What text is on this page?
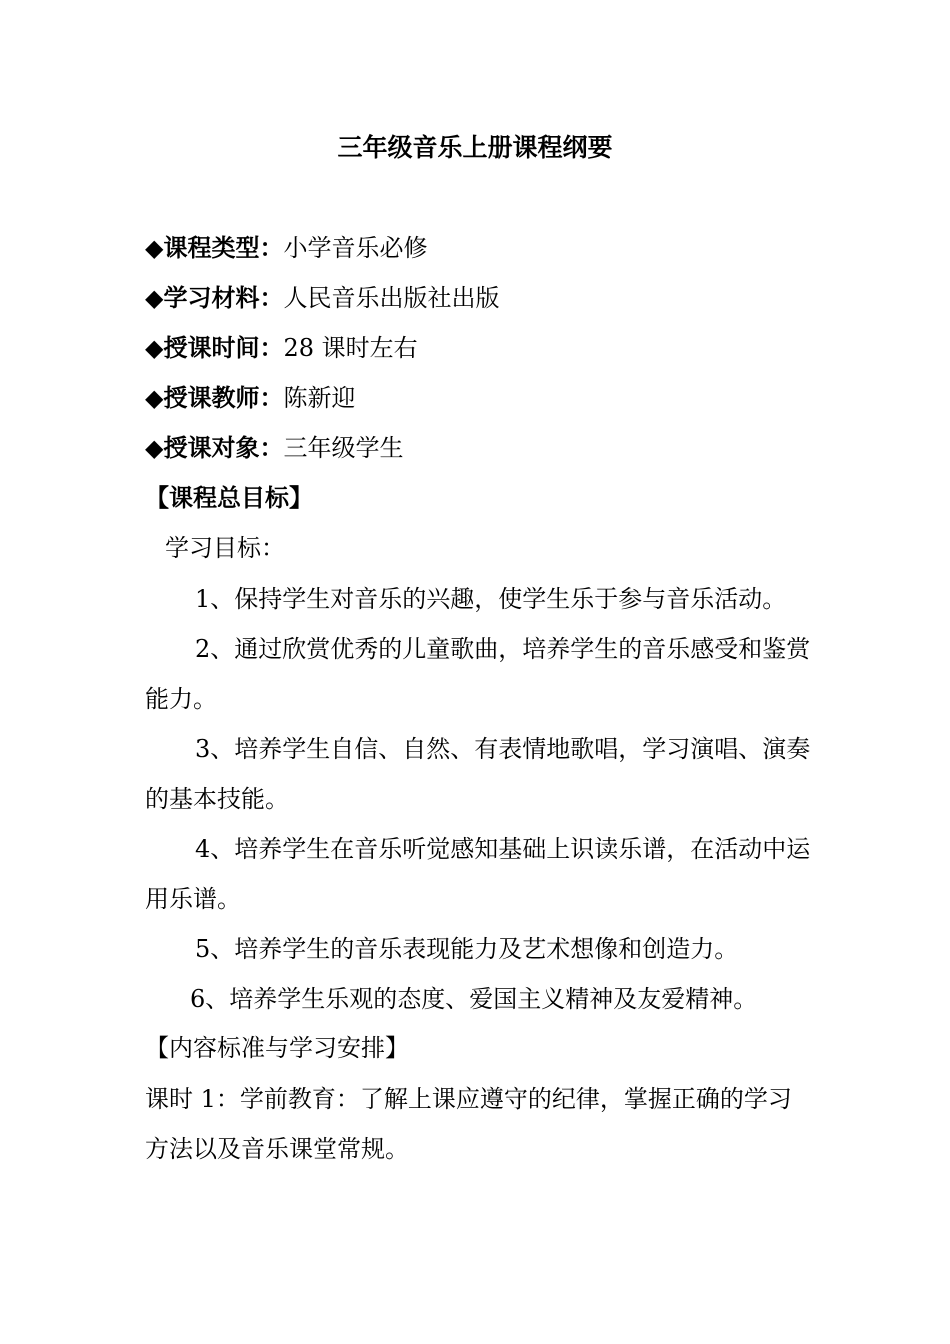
三年级音乐上册课程纲要
◆课程类型：小学音乐必修
◆学习材料：人民音乐出版社出版
◆授课时间：28 课时左右
◆授课教师：陈新迎
◆授课对象：三年级学生
【课程总目标】
学习目标：

1、保持学生对音乐的兴趣，使学生乐于参与音乐活动。

2、通过欣赏优秀的儿童歌曲，培养学生的音乐感受和鉴赏能力。

3、培养学生自信、自然、有表情地歌唱，学习演唱、演奏的基本技能。

4、培养学生在音乐听觉感知基础上识读乐谱，在活动中运用乐谱。

5、培养学生的音乐表现能力及艺术想像和创造力。

6、培养学生乐观的态度、爱国主义精神及友爱精神。

【内容标准与学习安排】

课时 1：学前教育：了解上课应遵守的纪律，掌握正确的学习方法以及音乐课堂常规。
